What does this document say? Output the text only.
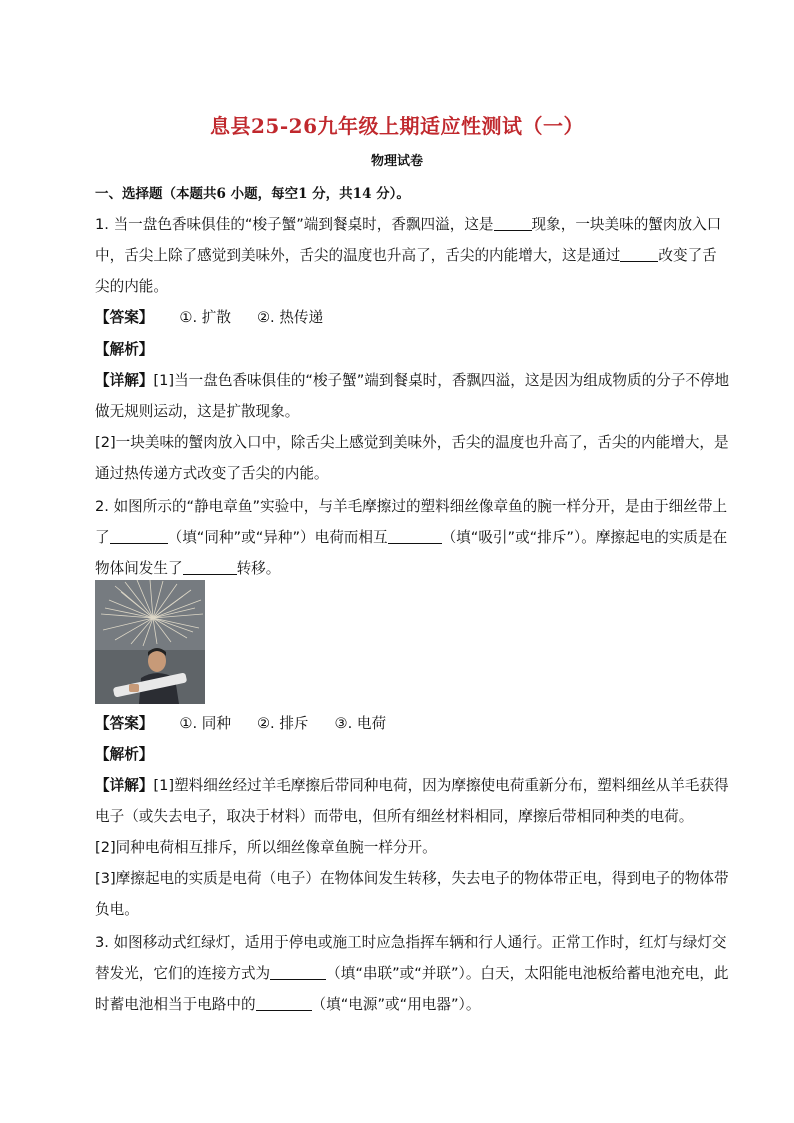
息县25-26九年级上期适应性测试（一）
物理试卷
一、选择题（本题共6 小题，每空1 分，共14 分）。
1. 当一盘色香味俱佳的“梭子蟹”端到餐桌时，香飘四溢，这是	现象，一块美味的蟹肉放入口
中，舌尖上除了感觉到美味外，舌尖的温度也升高了，舌尖的内能增大，这是通过	改变了舌
尖的内能。
【答案】 ①. 扩散 ②. 热传递
【解析】
【详解】[1]当一盘色香味俱佳的“梭子蟹”端到餐桌时，香飘四溢，这是因为组成物质的分子不停地
做无规则运动，这是扩散现象。
[2]一块美味的蟹肉放入口中，除舌尖上感觉到美味外，舌尖的温度也升高了，舌尖的内能增大，是
通过热传递方式改变了舌尖的内能。
2. 如图所示的“静电章鱼”实验中，与羊毛摩擦过的塑料细丝像章鱼的腕一样分开，是由于细丝带上
了	（填“同种”或“异种”）电荷而相互	（填“吸引”或“排斥”）。摩擦起电的实质是在
物体间发生了	转移。
【答案】 ①. 同种 ②. 排斥 ③. 电荷
【解析】
【详解】[1]塑料细丝经过羊毛摩擦后带同种电荷，因为摩擦使电荷重新分布，塑料细丝从羊毛获得
电子（或失去电子，取决于材料）而带电，但所有细丝材料相同，摩擦后带相同种类的电荷。
[2]同种电荷相互排斥，所以细丝像章鱼腕一样分开。
[3]摩擦起电的实质是电荷（电子）在物体间发生转移，失去电子的物体带正电，得到电子的物体带
负电。
3. 如图移动式红绿灯，适用于停电或施工时应急指挥车辆和行人通行。正常工作时，红灯与绿灯交
替发光，它们的连接方式为	（填“串联”或“并联”）。白天，太阳能电池板给蓄电池充电，此
时蓄电池相当于电路中的	（填“电源”或“用电器”）。
